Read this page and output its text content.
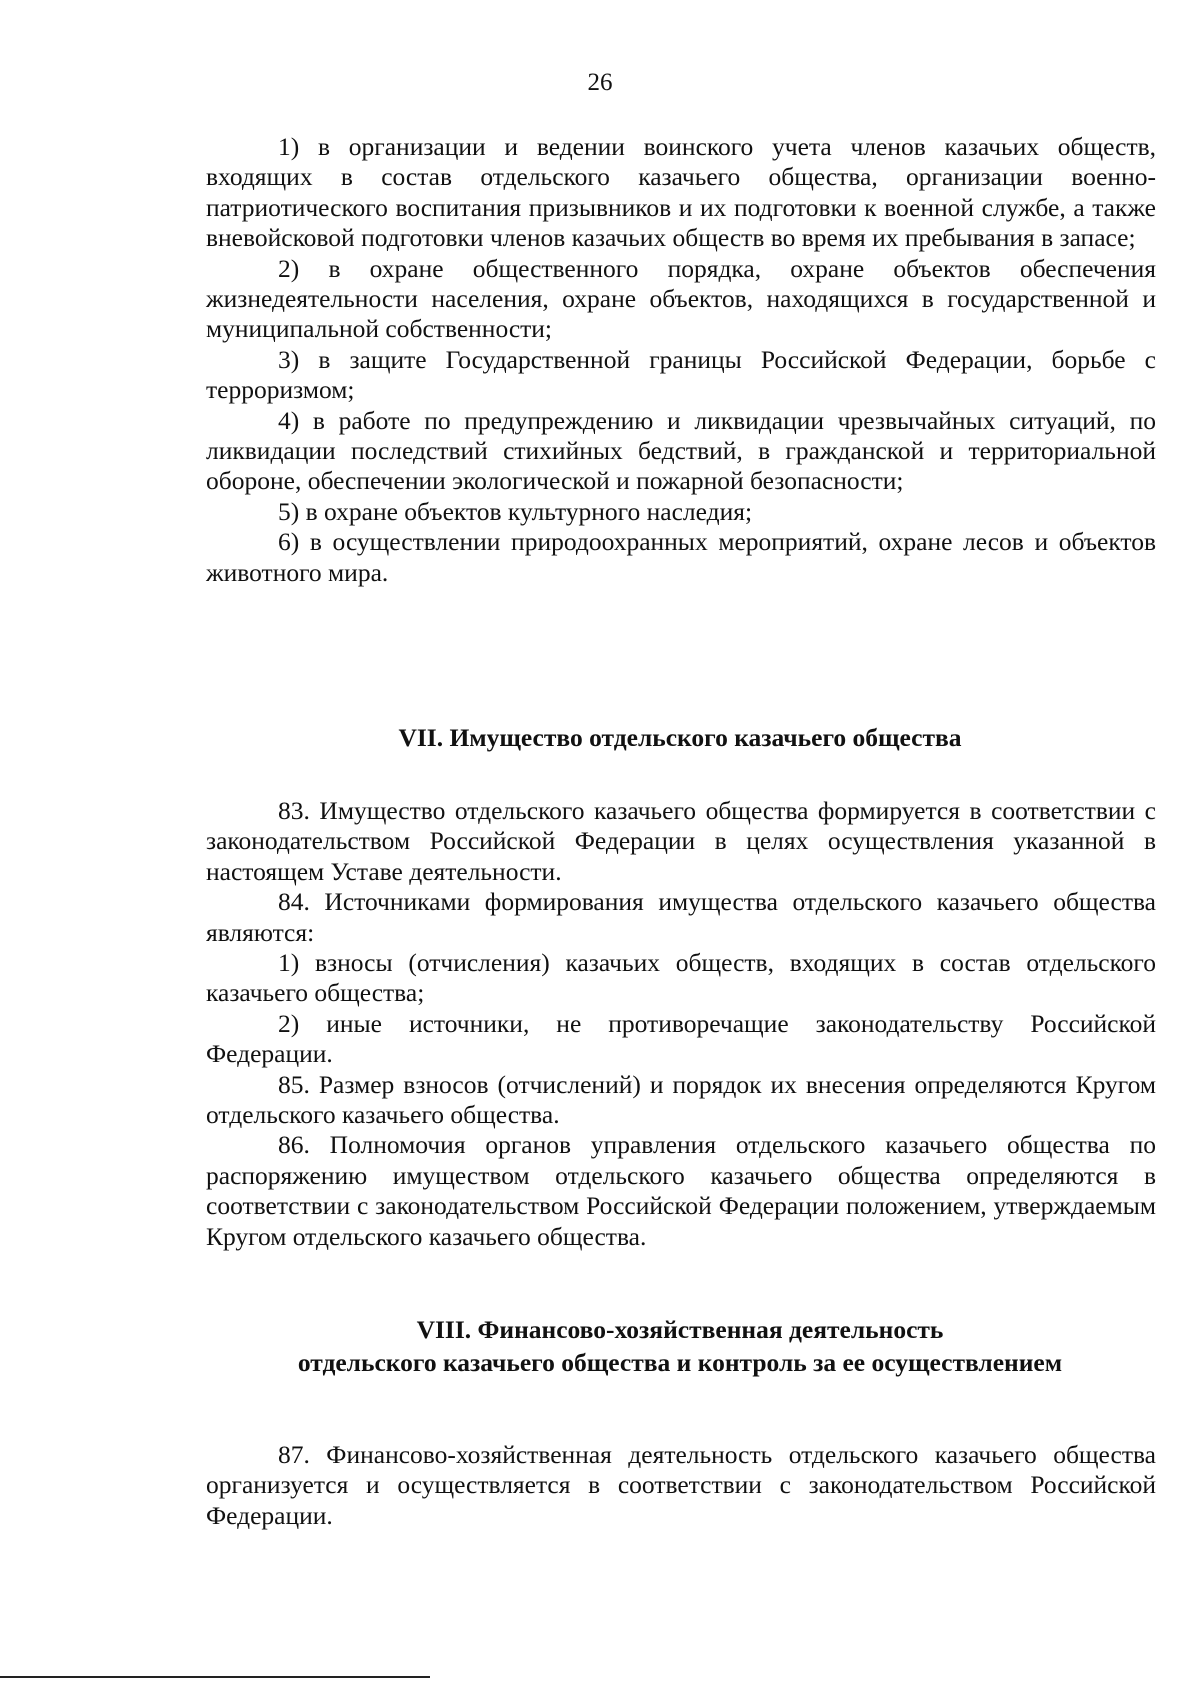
26

1) в организации и ведении воинского учета членов казачьих обществ, входящих в состав отдельского казачьего общества, организации военно-патриотического воспитания призывников и их подготовки к военной службе, а также вневойсковой подготовки членов казачьих обществ во время их пребывания в запасе;

2) в охране общественного порядка, охране объектов обеспечения жизнедеятельности населения, охране объектов, находящихся в государственной и муниципальной собственности;

3) в защите Государственной границы Российской Федерации, борьбе с терроризмом;

4) в работе по предупреждению и ликвидации чрезвычайных ситуаций, по ликвидации последствий стихийных бедствий, в гражданской и территориальной обороне, обеспечении экологической и пожарной безопасности;

5) в охране объектов культурного наследия;

6) в осуществлении природоохранных мероприятий, охране лесов и объектов животного мира.

VII. Имущество отдельского казачьего общества

83. Имущество отдельского казачьего общества формируется в соответствии с законодательством Российской Федерации в целях осуществления указанной в настоящем Уставе деятельности.

84. Источниками формирования имущества отдельского казачьего общества являются:

1) взносы (отчисления) казачьих обществ, входящих в состав отдельского казачьего общества;

2) иные источники, не противоречащие законодательству Российской Федерации.

85. Размер взносов (отчислений) и порядок их внесения определяются Кругом отдельского казачьего общества.

86. Полномочия органов управления отдельского казачьего общества по распоряжению имуществом отдельского казачьего общества определяются в соответствии с законодательством Российской Федерации положением, утверждаемым Кругом отдельского казачьего общества.

VIII. Финансово-хозяйственная деятельность
отдельского казачьего общества и контроль за ее осуществлением

87. Финансово-хозяйственная деятельность отдельского казачьего общества организуется и осуществляется в соответствии с законодательством Российской Федерации.
